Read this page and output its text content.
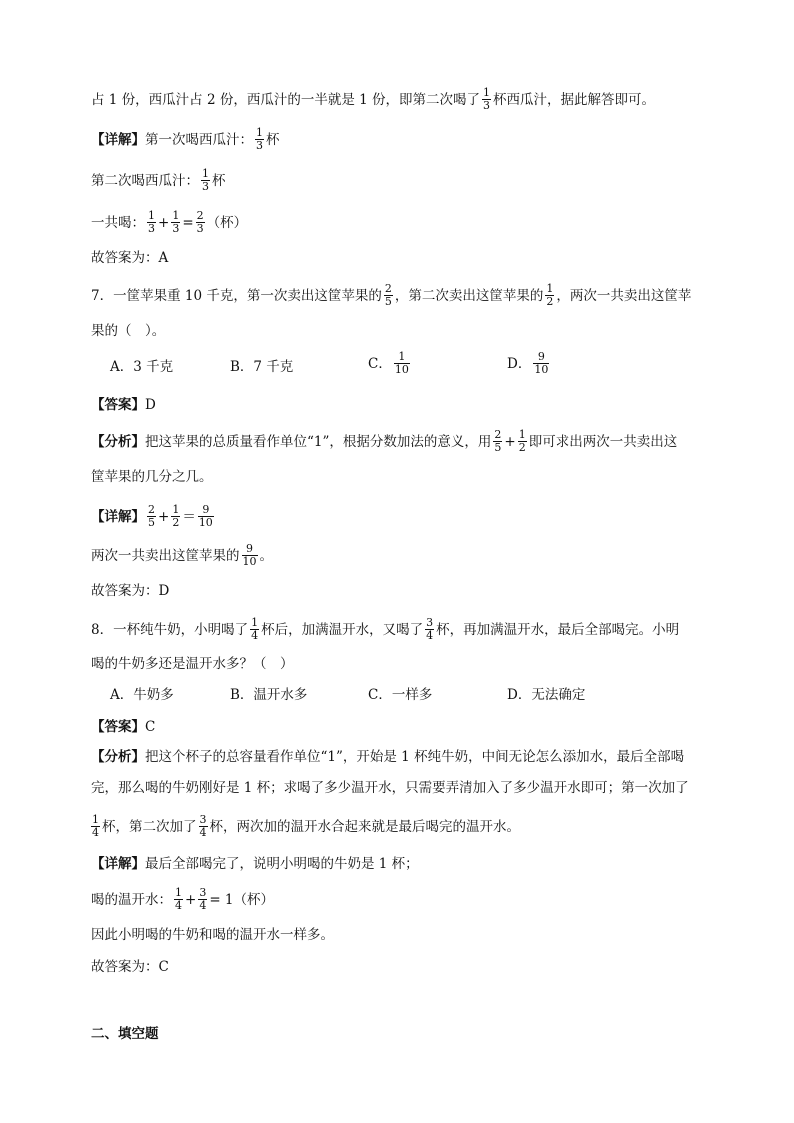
占 1 份，西瓜汁占 2 份，西瓜汁的一半就是 1 份，即第二次喝了 $\frac{1}{3}$ 杯西瓜汁，据此解答即可。
【详解】第一次喝西瓜汁： $\frac{1}{3}$ 杯
第二次喝西瓜汁： $\frac{1}{3}$ 杯
一共喝： $\frac{1}{3} + \frac{1}{3} = \frac{2}{3}$ （杯）
故答案为：A
7．一筐苹果重 10 千克，第一次卖出这筐苹果的 $\frac{2}{5}$ ，第二次卖出这筐苹果的 $\frac{1}{2}$ ，两次一共卖出这筐苹
果的（　）。
A．3 千克	B．7 千克	C． $\frac{1}{10}$	D． $\frac{9}{10}$
【答案】D
【分析】把这苹果的总质量看作单位“1”，根据分数加法的意义，用 $\frac{2}{5} + \frac{1}{2}$ 即可求出两次一共卖出这
筐苹果的几分之几。
【详解】 $\frac{2}{5} + \frac{1}{2} = \frac{9}{10}$
两次一共卖出这筐苹果的 $\frac{9}{10}$ 。
故答案为：D
8．一杯纯牛奶，小明喝了 $\frac{1}{4}$ 杯后，加满温开水，又喝了 $\frac{3}{4}$ 杯，再加满温开水，最后全部喝完。小明
喝的牛奶多还是温开水多？（　）
A．牛奶多	B．温开水多	C．一样多	D．无法确定
【答案】C
【分析】把这个杯子的总容量看作单位“1”，开始是 1 杯纯牛奶，中间无论怎么添加水，最后全部喝
完，那么喝的牛奶刚好是 1 杯；求喝了多少温开水，只需要弄清加入了多少温开水即可；第一次加了
$\frac{1}{4}$ 杯，第二次加了 $\frac{3}{4}$ 杯，两次加的温开水合起来就是最后喝完的温开水。
【详解】最后全部喝完了，说明小明喝的牛奶是 1 杯；
喝的温开水： $\frac{1}{4} + \frac{3}{4} = 1$（杯）
因此小明喝的牛奶和喝的温开水一样多。
故答案为：C
二、填空题
